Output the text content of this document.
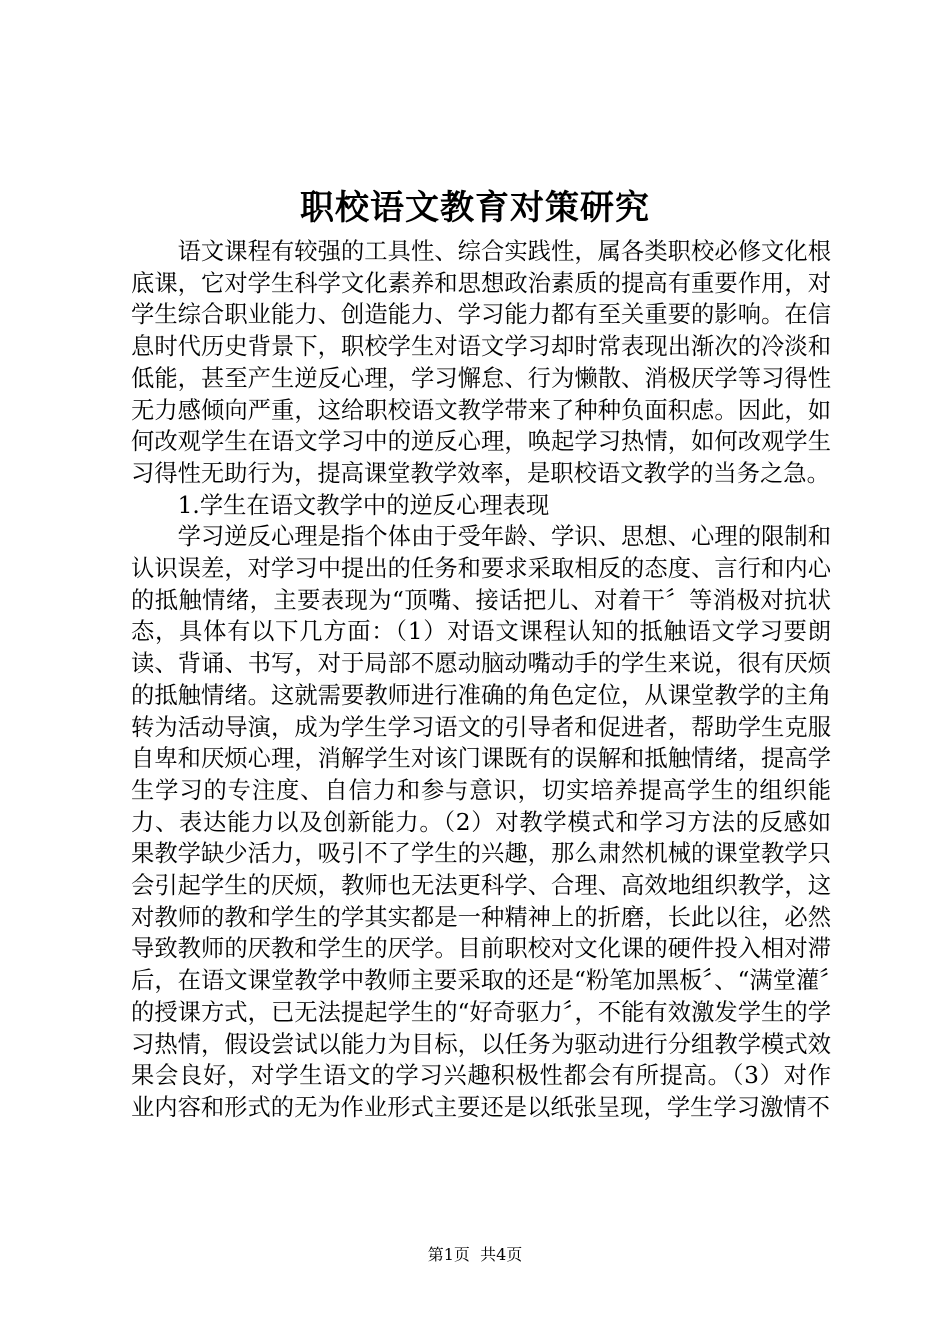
职校语文教育对策研究

语文课程有较强的工具性、综合实践性，属各类职校必修文化根底课，它对学生科学文化素养和思想政治素质的提高有重要作用，对学生综合职业能力、创造能力、学习能力都有至关重要的影响。在信息时代历史背景下，职校学生对语文学习却时常表现出渐次的冷淡和低能，甚至产生逆反心理，学习懈怠、行为懒散、消极厌学等习得性无力感倾向严重，这给职校语文教学带来了种种负面积虑。因此，如何改观学生在语文学习中的逆反心理，唤起学习热情，如何改观学生习得性无助行为，提高课堂教学效率，是职校语文教学的当务之急。

1.学生在语文教学中的逆反心理表现

学习逆反心理是指个体由于受年龄、学识、思想、心理的限制和认识误差，对学习中提出的任务和要求采取相反的态度、言行和内心的抵触情绪，主要表现为“顶嘴、接话把儿、对着干〞等消极对抗状态，具体有以下几方面：（1）对语文课程认知的抵触语文学习要朗读、背诵、书写，对于局部不愿动脑动嘴动手的学生来说，很有厌烦的抵触情绪。这就需要教师进行准确的角色定位，从课堂教学的主角转为活动导演，成为学生学习语文的引导者和促进者，帮助学生克服自卑和厌烦心理，消解学生对该门课既有的误解和抵触情绪，提高学生学习的专注度、自信力和参与意识，切实培养提高学生的组织能力、表达能力以及创新能力。（2）对教学模式和学习方法的反感如果教学缺少活力，吸引不了学生的兴趣，那么肃然机械的课堂教学只会引起学生的厌烦，教师也无法更科学、合理、高效地组织教学，这对教师的教和学生的学其实都是一种精神上的折磨，长此以往，必然导致教师的厌教和学生的厌学。目前职校对文化课的硬件投入相对滞后，在语文课堂教学中教师主要采取的还是“粉笔加黑板〞、“满堂灌〞的授课方式，已无法提起学生的“好奇驱力〞，不能有效激发学生的学习热情，假设尝试以能力为目标，以任务为驱动进行分组教学模式效果会良好，对学生语文的学习兴趣积极性都会有所提高。（3）对作业内容和形式的无为作业形式主要还是以纸张呈现，学生学习激情不

第1页 共4页
